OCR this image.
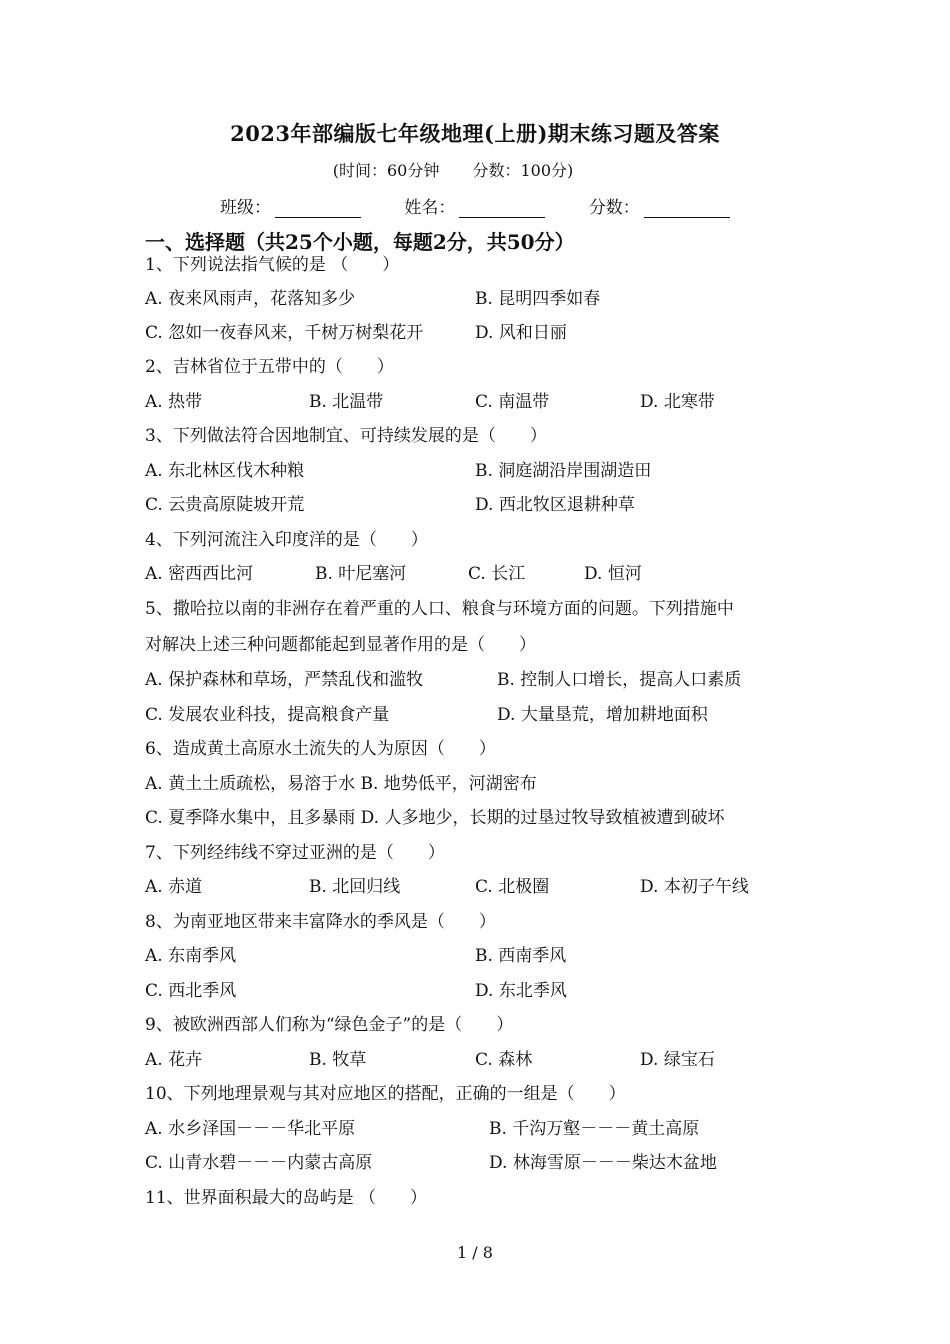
2023年部编版七年级地理(上册)期末练习题及答案
(时间：60分钟 分数：100分)
班级：	姓名：	分数：
一、选择题（共25个小题，每题2分，共50分）
1、下列说法指气候的是 （　　）
A. 夜来风雨声，花落知多少	B. 昆明四季如春
C. 忽如一夜春风来，千树万树梨花开	D. 风和日丽
2、吉林省位于五带中的（　　）
A. 热带	B. 北温带	C. 南温带	D. 北寒带
3、下列做法符合因地制宜、可持续发展的是（　　）
A. 东北林区伐木种粮	B. 洞庭湖沿岸围湖造田
C. 云贵高原陡坡开荒	D. 西北牧区退耕种草
4、下列河流注入印度洋的是（　　）
A. 密西西比河	B. 叶尼塞河	C. 长江	D. 恒河
5、撒哈拉以南的非洲存在着严重的人口、粮食与环境方面的问题。下列措施中
对解决上述三种问题都能起到显著作用的是（　　）
A. 保护森林和草场，严禁乱伐和滥牧	B. 控制人口增长，提高人口素质
C. 发展农业科技，提高粮食产量	D. 大量垦荒，增加耕地面积
6、造成黄土高原水土流失的人为原因（　　）
A. 黄土土质疏松，易溶于水 B. 地势低平，河湖密布
C. 夏季降水集中，且多暴雨 D. 人多地少，长期的过垦过牧导致植被遭到破坏
7、下列经纬线不穿过亚洲的是（　　）
A. 赤道	B. 北回归线	C. 北极圈	D. 本初子午线
8、为南亚地区带来丰富降水的季风是（　　）
A. 东南季风	B. 西南季风
C. 西北季风	D. 东北季风
9、被欧洲西部人们称为“绿色金子”的是（　　）
A. 花卉	B. 牧草	C. 森林	D. 绿宝石
10、下列地理景观与其对应地区的搭配，正确的一组是（　　）
A. 水乡泽国－－－华北平原	B. 千沟万壑－－－黄土高原
C. 山青水碧－－－内蒙古高原	D. 林海雪原－－－柴达木盆地
11、世界面积最大的岛屿是 （　　）
1 / 8
